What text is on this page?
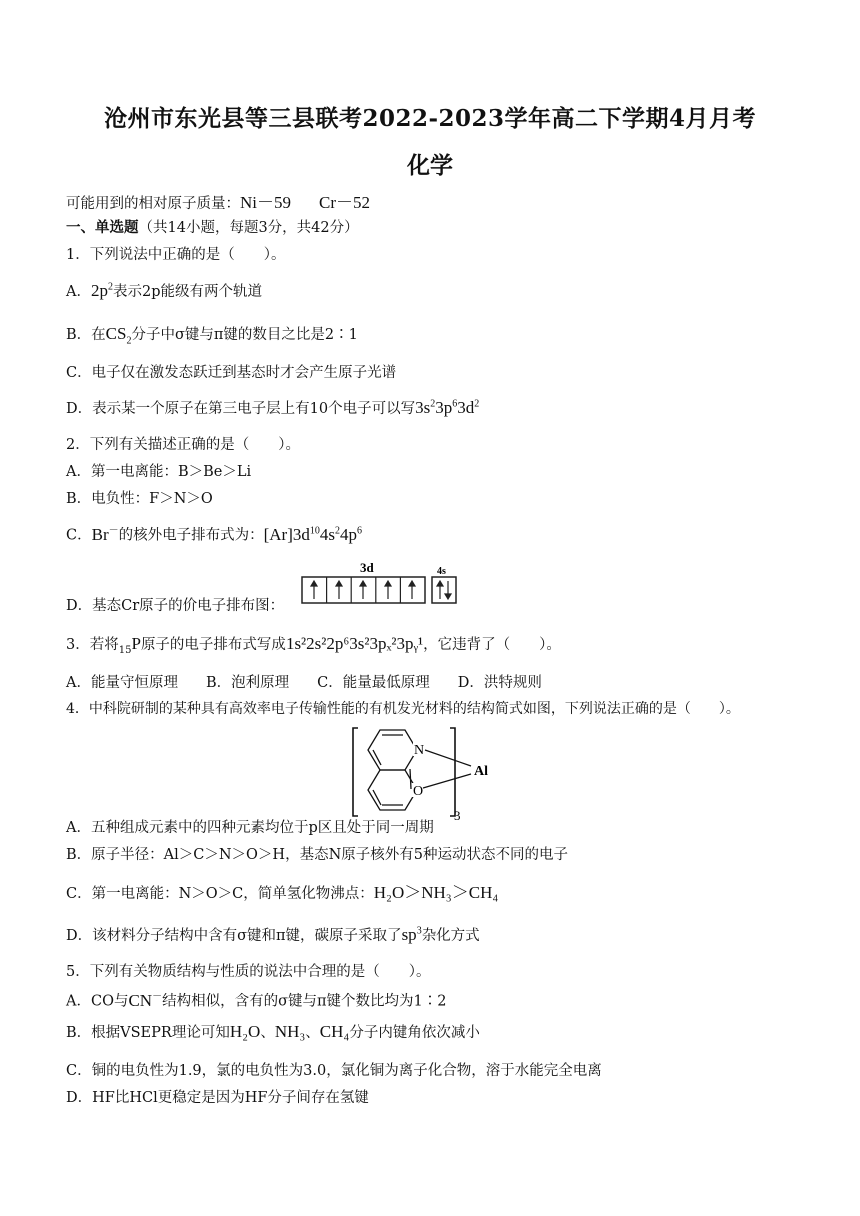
沧州市东光县等三县联考2022-2023学年高二下学期4月月考
化学
可能用到的相对原子质量：Ni－59 Cr－52
一、单选题（共14小题，每题3分，共42分）
1．下列说法中正确的是（　　）。
A．$2p^2$表示2p能级有两个轨道
B．在$CS_2$分子中σ键与π键的数目之比是2∶1
C．电子仅在激发态跃迁到基态时才会产生原子光谱
D．表示某一个原子在第三电子层上有10个电子可以写$3s^23p^63d^2$
2．下列有关描述正确的是（　　）。
A．第一电离能：B＞Be＞Li
B．电负性：F＞N＞O
C．Br－的核外电子排布式为：$[Ar]3d^{10}4s^24p^6$
D．基态Cr原子的价电子排布图：
3d	4s
3．若将$_{15}$P原子的电子排布式写成1s²2s²2p⁶3s²3pₓ²3pᵧ¹，它违背了（　　）。
A．能量守恒原理 B．泡利原理 C．能量最低原理 D．洪特规则
4．中科院研制的某种具有高效率电子传输性能的有机发光材料的结构简式如图，下列说法正确的是（　　）。
N
O
Al
3
A．五种组成元素中的四种元素均位于p区且处于同一周期
B．原子半径：Al＞C＞N＞O＞H，基态N原子核外有5种运动状态不同的电子
C．第一电离能：N＞O＞C，简单氢化物沸点：H₂O＞NH₃＞CH₄
D．该材料分子结构中含有σ键和π键，碳原子采取了$sp^3$杂化方式
5．下列有关物质结构与性质的说法中合理的是（　　）。
A．CO与CN－结构相似，含有的σ键与π键个数比均为1∶2
B．根据VSEPR理论可知H₂O、NH₃、CH₄分子内键角依次减小
C．铜的电负性为1.9，氯的电负性为3.0，氯化铜为离子化合物，溶于水能完全电离
D．HF比HCl更稳定是因为HF分子间存在氢键
